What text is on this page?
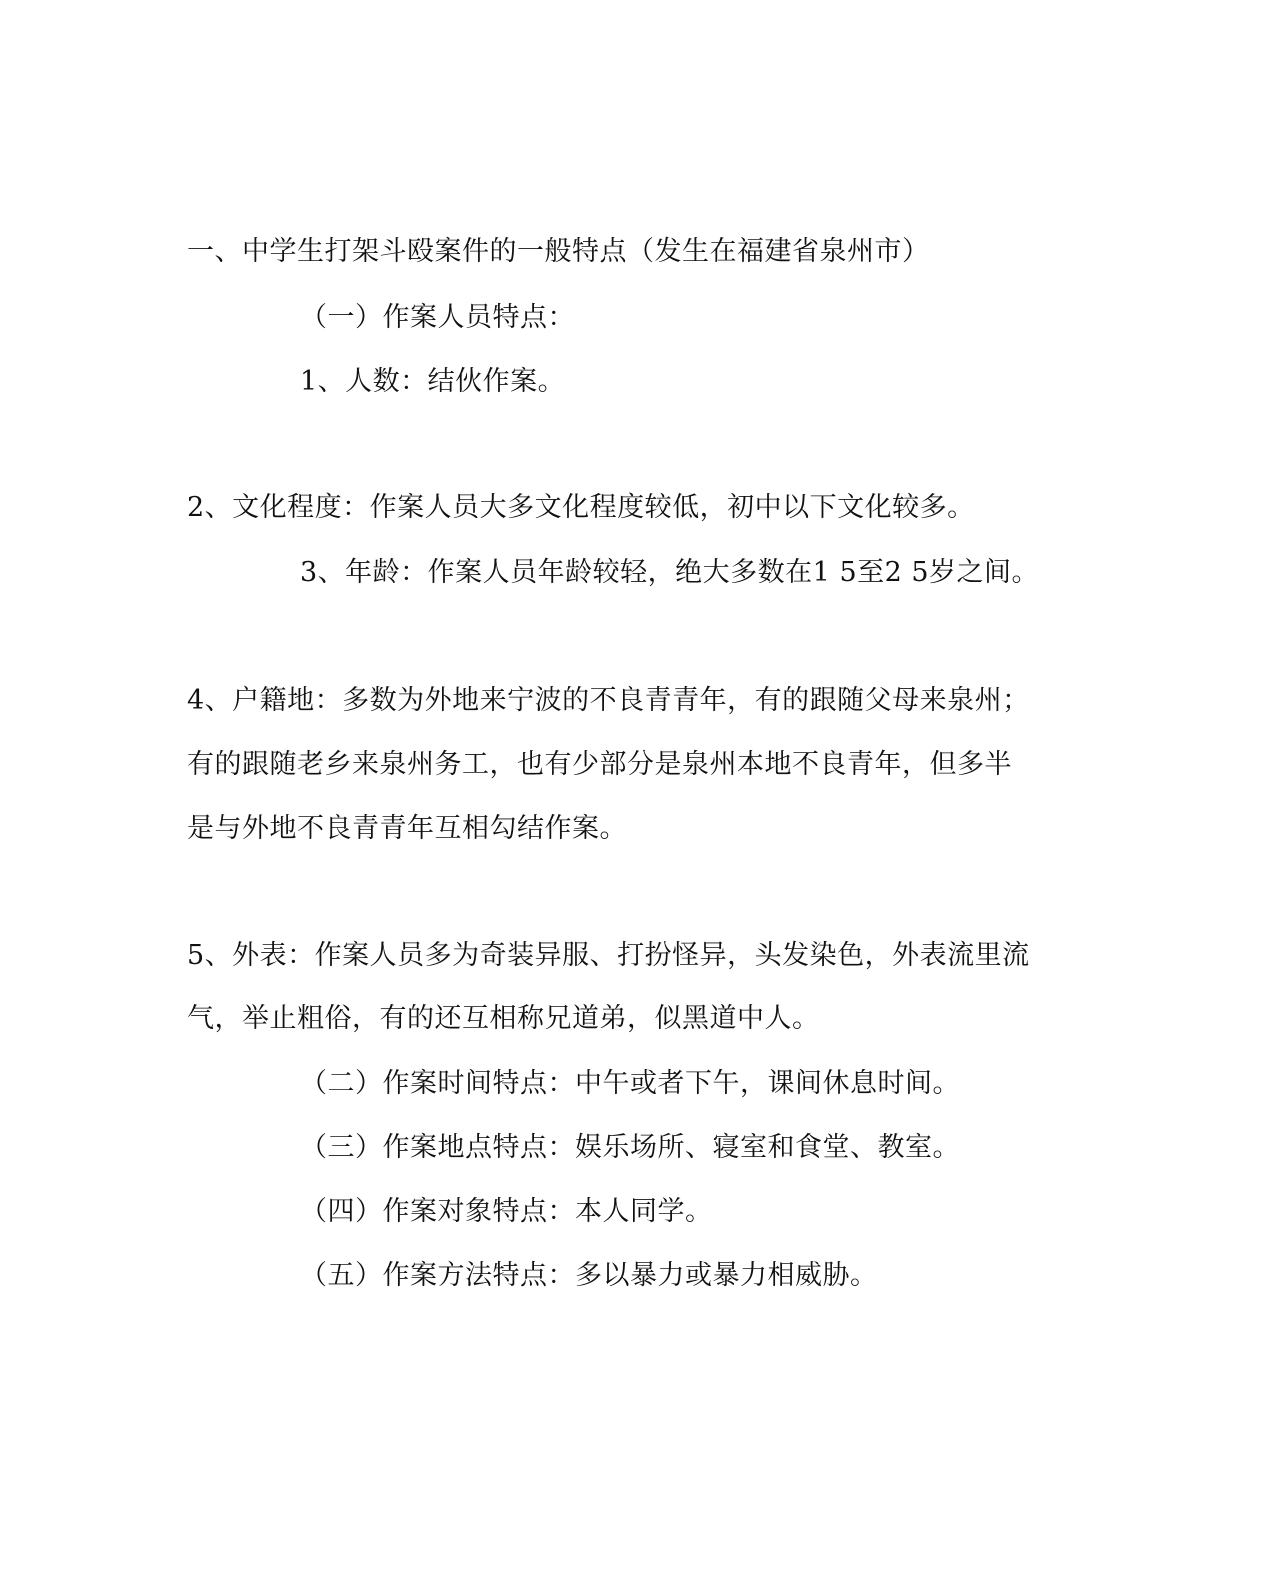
一、中学生打架斗殴案件的一般特点（发生在福建省泉州市）
（一）作案人员特点：
1、人数：结伙作案。
2、文化程度：作案人员大多文化程度较低，初中以下文化较多。
3、年龄：作案人员年龄较轻，绝大多数在1 5至2 5岁之间。
4、户籍地：多数为外地来宁波的不良青青年，有的跟随父母来泉州；
有的跟随老乡来泉州务工，也有少部分是泉州本地不良青年，但多半
是与外地不良青青年互相勾结作案。
5、外表：作案人员多为奇装异服、打扮怪异，头发染色，外表流里流
气，举止粗俗，有的还互相称兄道弟，似黑道中人。
（二）作案时间特点：中午或者下午，课间休息时间。
（三）作案地点特点：娱乐场所、寝室和食堂、教室。
（四）作案对象特点：本人同学。
（五）作案方法特点：多以暴力或暴力相威胁。
